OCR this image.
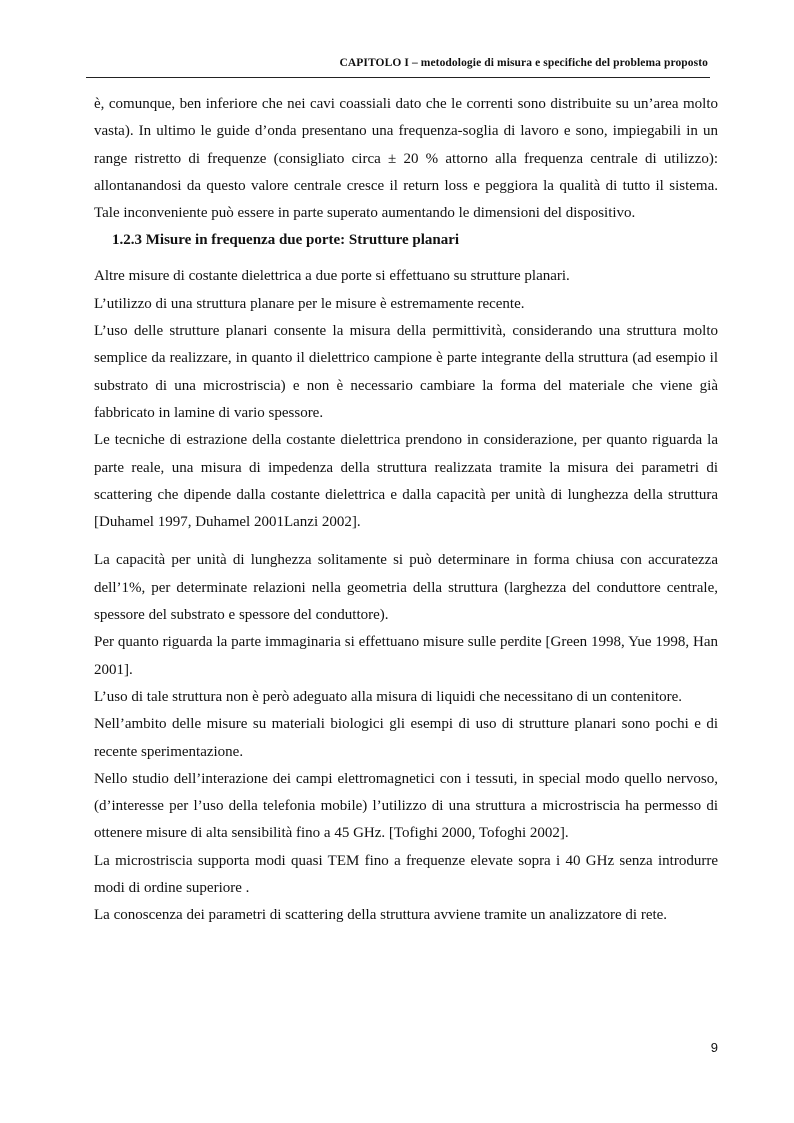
CAPITOLO I – metodologie di misura e specifiche del problema proposto

è, comunque, ben inferiore che nei cavi coassiali dato che le correnti sono distribuite su un’area molto vasta). In ultimo le guide d’onda presentano una frequenza-soglia di lavoro e sono, impiegabili in un range ristretto di frequenze (consigliato circa ± 20 % attorno alla frequenza centrale di utilizzo): allontanandosi da questo valore centrale cresce il return loss e peggiora la qualità di tutto il sistema. Tale inconveniente può essere in parte superato aumentando le dimensioni del dispositivo.

1.2.3 Misure in frequenza due porte: Strutture planari

Altre misure di costante dielettrica a due porte si effettuano su strutture planari.

L’utilizzo di una struttura planare per le misure è estremamente recente.

L’uso delle strutture planari consente la misura della permittività, considerando una struttura molto semplice da realizzare, in quanto il dielettrico campione è parte integrante della struttura (ad esempio il substrato di una microstriscia) e non è necessario cambiare la forma del materiale che viene già fabbricato in lamine di vario spessore.

Le tecniche di estrazione della costante dielettrica prendono in considerazione, per quanto riguarda la parte reale, una misura di impedenza della struttura realizzata tramite la misura dei parametri di scattering che dipende dalla costante dielettrica e dalla capacità per unità di lunghezza della struttura [Duhamel 1997, Duhamel 2001Lanzi 2002].

La capacità per unità di lunghezza solitamente si può determinare in forma chiusa con accuratezza dell’1%, per determinate relazioni nella geometria della struttura (larghezza del conduttore centrale, spessore del substrato e spessore del conduttore).

Per quanto riguarda la parte immaginaria si effettuano misure sulle perdite [Green 1998, Yue 1998, Han 2001].

L’uso di tale struttura non è però adeguato alla misura di liquidi che necessitano di un contenitore.

Nell’ambito delle misure su materiali biologici gli esempi di uso di strutture planari sono pochi e di recente sperimentazione.

Nello studio dell’interazione dei campi elettromagnetici con i tessuti, in special modo quello nervoso, (d’interesse per l’uso della telefonia mobile) l’utilizzo di una struttura a microstriscia ha permesso di ottenere misure di alta sensibilità fino a 45 GHz. [Tofighi 2000, Tofoghi 2002].

La microstriscia supporta modi quasi TEM fino a frequenze elevate sopra i 40 GHz senza introdurre modi di ordine superiore .

La conoscenza dei parametri di scattering della struttura avviene tramite un analizzatore di rete.

9
